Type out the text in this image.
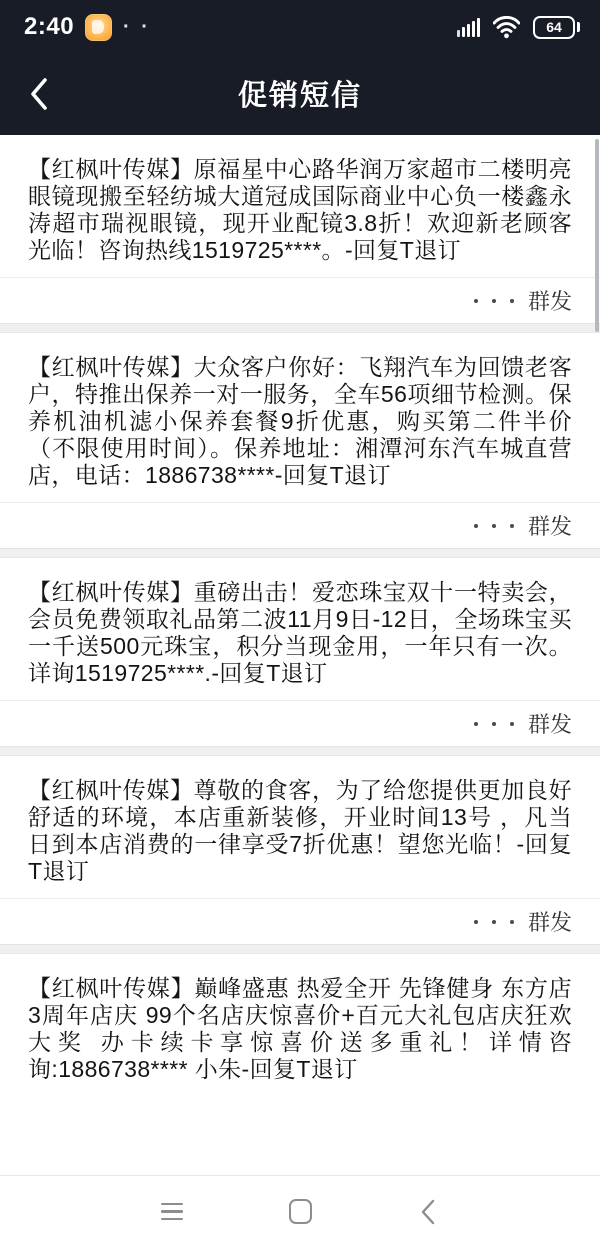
2:40 · ·	64
促销短信
【红枫叶传媒】原福星中心路华润万家超市二楼明亮眼镜现搬至轻纺城大道冠成国际商业中心负一楼鑫永涛超市瑞视眼镜，现开业配镜3.8折！欢迎新老顾客光临！咨询热线1519725****。-回复T退订
群发
【红枫叶传媒】大众客户你好：飞翔汽车为回馈老客户，特推出保养一对一服务，全车56项细节检测。保养机油机滤小保养套餐9折优惠，购买第二件半价（不限使用时间）。保养地址：湘潭河东汽车城直营店，电话：1886738****-回复T退订
群发
【红枫叶传媒】重磅出击！爱恋珠宝双十一特卖会，会员免费领取礼品第二波11月9日-12日，全场珠宝买一千送500元珠宝，积分当现金用，一年只有一次。详询1519725****.-回复T退订
群发
【红枫叶传媒】尊敬的食客，为了给您提供更加良好舒适的环境，本店重新装修，开业时间13号 ，凡当日到本店消费的一律享受7折优惠！望您光临！-回复T退订
群发
【红枫叶传媒】巅峰盛惠 热爱全开 先锋健身 东方店3周年店庆 99个名店庆惊喜价+百元大礼包店庆狂欢大奖 办卡续卡享惊喜价送多重礼！详情咨询:1886738**** 小朱-回复T退订
